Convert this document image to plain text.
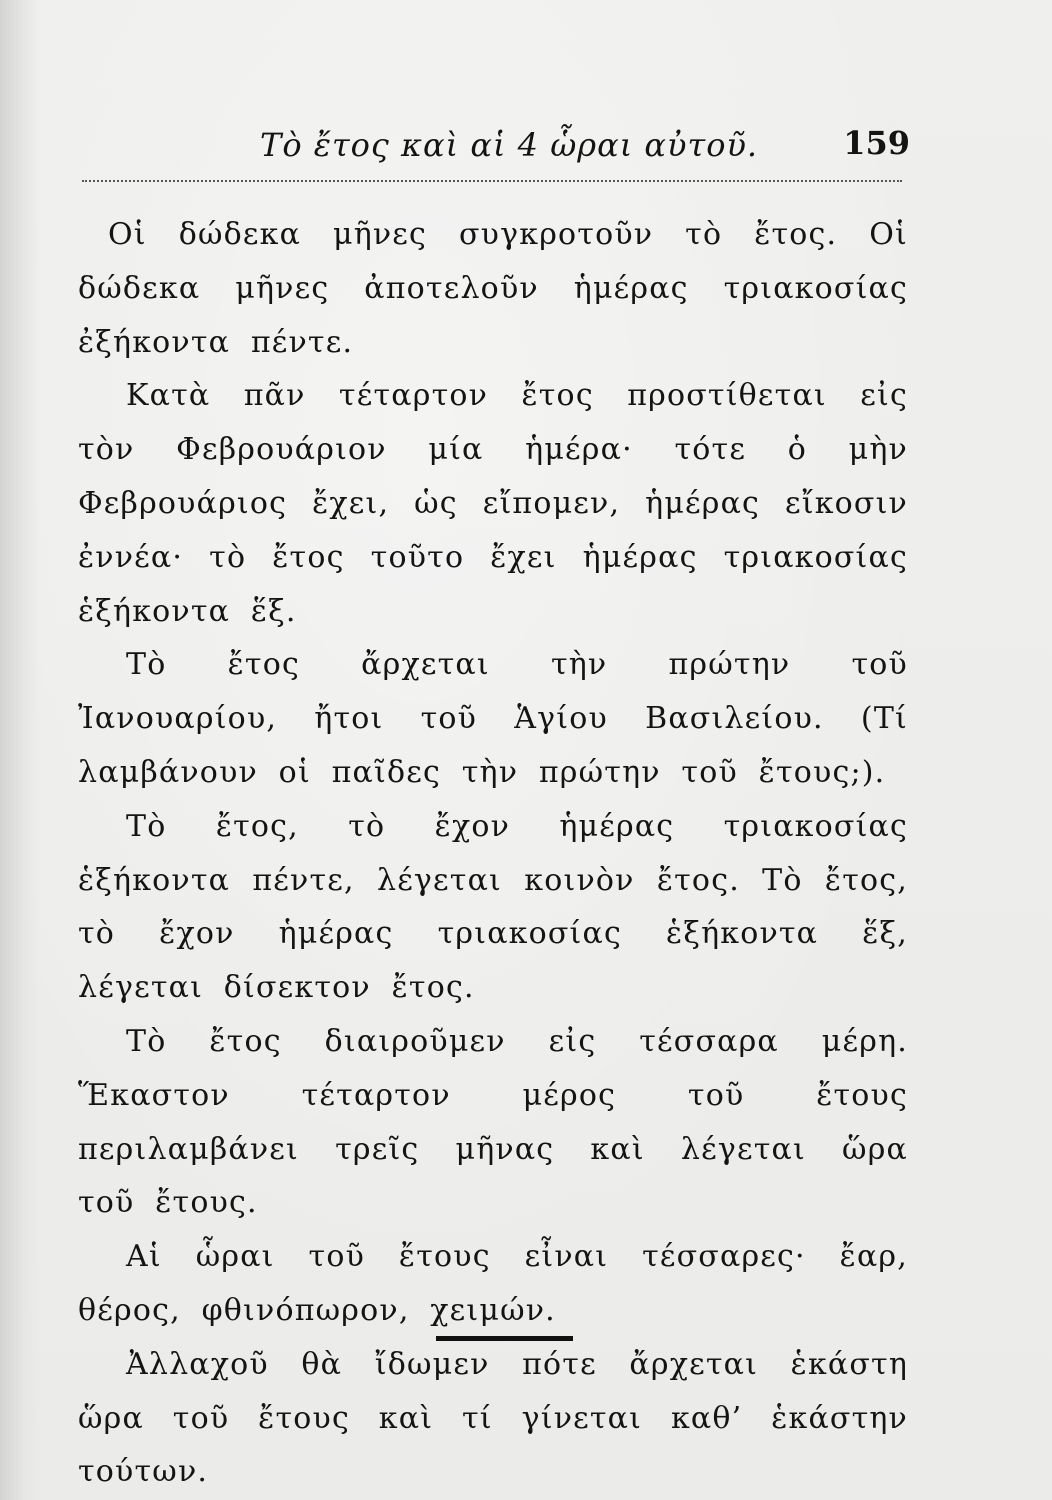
Τὸ ἔτος καὶ αἱ 4 ὧραι αὐτοῦ.	159

Οἱ δώδεκα μῆνες συγκροτοῦν τὸ ἔτος. Οἱ δώδεκα μῆνες ἀποτελοῦν ἡμέρας τριακοσίας ἐξήκοντα πέντε.

Κατὰ πᾶν τέταρτον ἔτος προστίθεται εἰς τὸν Φεβρουάριον μία ἡμέρα· τότε ὁ μὴν Φεβρουάριος ἔχει, ὡς εἴπομεν, ἡμέρας εἴκοσιν ἐννέα· τὸ ἔτος τοῦτο ἔχει ἡμέρας τριακοσίας ἑξήκοντα ἕξ.

Τὸ ἔτος ἄρχεται τὴν πρώτην τοῦ Ἰανουαρίου, ἤτοι τοῦ Ἁγίου Βασιλείου. (Τί λαμβάνουν οἱ παῖδες τὴν πρώτην τοῦ ἔτους;).

Τὸ ἔτος, τὸ ἔχον ἡμέρας τριακοσίας ἑξήκοντα πέντε, λέγεται κοινὸν ἔτος. Τὸ ἔτος, τὸ ἔχον ἡμέρας τριακοσίας ἑξήκοντα ἕξ, λέγεται δίσεκτον ἔτος.

Τὸ ἔτος διαιροῦμεν εἰς τέσσαρα μέρη. Ἕκαστον τέταρτον μέρος τοῦ ἔτους περιλαμβάνει τρεῖς μῆνας καὶ λέγεται ὥρα τοῦ ἔτους.

Αἱ ὧραι τοῦ ἔτους εἶναι τέσσαρες· ἔαρ, θέρος, φθινόπωρον, χειμών.

Ἀλλαχοῦ θὰ ἴδωμεν πότε ἄρχεται ἑκάστη ὥρα τοῦ ἔτους καὶ τί γίνεται καθ’ ἑκάστην τούτων.
